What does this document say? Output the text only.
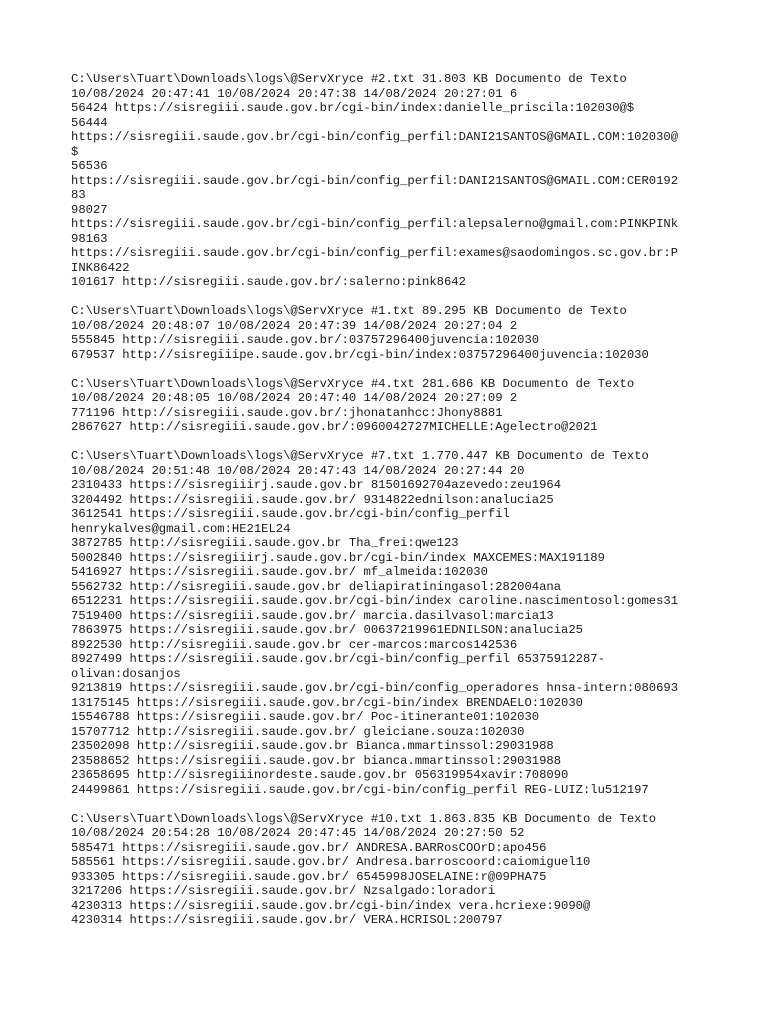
C:\Users\Tuart\Downloads\logs\@ServXryce #2.txt 31.803 KB Documento de Texto
10/08/2024 20:47:41 10/08/2024 20:47:38 14/08/2024 20:27:01 6
56424 https://sisregiii.saude.gov.br/cgi-bin/index:danielle_priscila:102030@$
56444
https://sisregiii.saude.gov.br/cgi-bin/config_perfil:DANI21SANTOS@GMAIL.COM:102030@
$
56536
https://sisregiii.saude.gov.br/cgi-bin/config_perfil:DANI21SANTOS@GMAIL.COM:CER0192
83
98027
https://sisregiii.saude.gov.br/cgi-bin/config_perfil:alepsalerno@gmail.com:PINKPINk
98163
https://sisregiii.saude.gov.br/cgi-bin/config_perfil:exames@saodomingos.sc.gov.br:P
INK86422
101617 http://sisregiii.saude.gov.br/:salerno:pink8642
C:\Users\Tuart\Downloads\logs\@ServXryce #1.txt 89.295 KB Documento de Texto
10/08/2024 20:48:07 10/08/2024 20:47:39 14/08/2024 20:27:04 2
555845 http://sisregiii.saude.gov.br/:03757296400juvencia:102030
679537 http://sisregiiipe.saude.gov.br/cgi-bin/index:03757296400juvencia:102030
C:\Users\Tuart\Downloads\logs\@ServXryce #4.txt 281.686 KB Documento de Texto
10/08/2024 20:48:05 10/08/2024 20:47:40 14/08/2024 20:27:09 2
771196 http://sisregiii.saude.gov.br/:jhonatanhcc:Jhony8881
2867627 http://sisregiii.saude.gov.br/:0960042727MICHELLE:Agelectro@2021
C:\Users\Tuart\Downloads\logs\@ServXryce #7.txt 1.770.447 KB Documento de Texto
10/08/2024 20:51:48 10/08/2024 20:47:43 14/08/2024 20:27:44 20
2310433 https://sisregiiirj.saude.gov.br 81501692704azevedo:zeu1964
3204492 https://sisregiii.saude.gov.br/ 9314822ednilson:analucia25
3612541 https://sisregiii.saude.gov.br/cgi-bin/config_perfil
henrykalves@gmail.com:HE21EL24
3872785 http://sisregiii.saude.gov.br Tha_frei:qwe123
5002840 https://sisregiiirj.saude.gov.br/cgi-bin/index MAXCEMES:MAX191189
5416927 https://sisregiii.saude.gov.br/ mf_almeida:102030
5562732 http://sisregiii.saude.gov.br deliapiratiningasol:282004ana
6512231 https://sisregiii.saude.gov.br/cgi-bin/index caroline.nascimentosol:gomes31
7519400 https://sisregiii.saude.gov.br/ marcia.dasilvasol:marcia13
7863975 https://sisregiii.saude.gov.br/ 00637219961EDNILSON:analucia25
8922530 http://sisregiii.saude.gov.br cer-marcos:marcos142536
8927499 https://sisregiii.saude.gov.br/cgi-bin/config_perfil 65375912287-
olivan:dosanjos
9213819 https://sisregiii.saude.gov.br/cgi-bin/config_operadores hnsa-intern:080693
13175145 https://sisregiii.saude.gov.br/cgi-bin/index BRENDAELO:102030
15546788 https://sisregiii.saude.gov.br/ Poc-itinerante01:102030
15707712 http://sisregiii.saude.gov.br/ gleiciane.souza:102030
23502098 http://sisregiii.saude.gov.br Bianca.mmartinssol:29031988
23588652 https://sisregiii.saude.gov.br bianca.mmartinssol:29031988
23658695 http://sisregiiinordeste.saude.gov.br 056319954xavir:708090
24499861 https://sisregiii.saude.gov.br/cgi-bin/config_perfil REG-LUIZ:lu512197
C:\Users\Tuart\Downloads\logs\@ServXryce #10.txt 1.863.835 KB Documento de Texto
10/08/2024 20:54:28 10/08/2024 20:47:45 14/08/2024 20:27:50 52
585471 https://sisregiii.saude.gov.br/ ANDRESA.BARRosCOOrD:apo456
585561 https://sisregiii.saude.gov.br/ Andresa.barroscoord:caiomiguel10
933305 https://sisregiii.saude.gov.br/ 6545998JOSELAINE:r@09PHA75
3217206 https://sisregiii.saude.gov.br/ Nzsalgado:loradori
4230313 https://sisregiii.saude.gov.br/cgi-bin/index vera.hcriexe:9090@
4230314 https://sisregiii.saude.gov.br/ VERA.HCRISOL:200797
